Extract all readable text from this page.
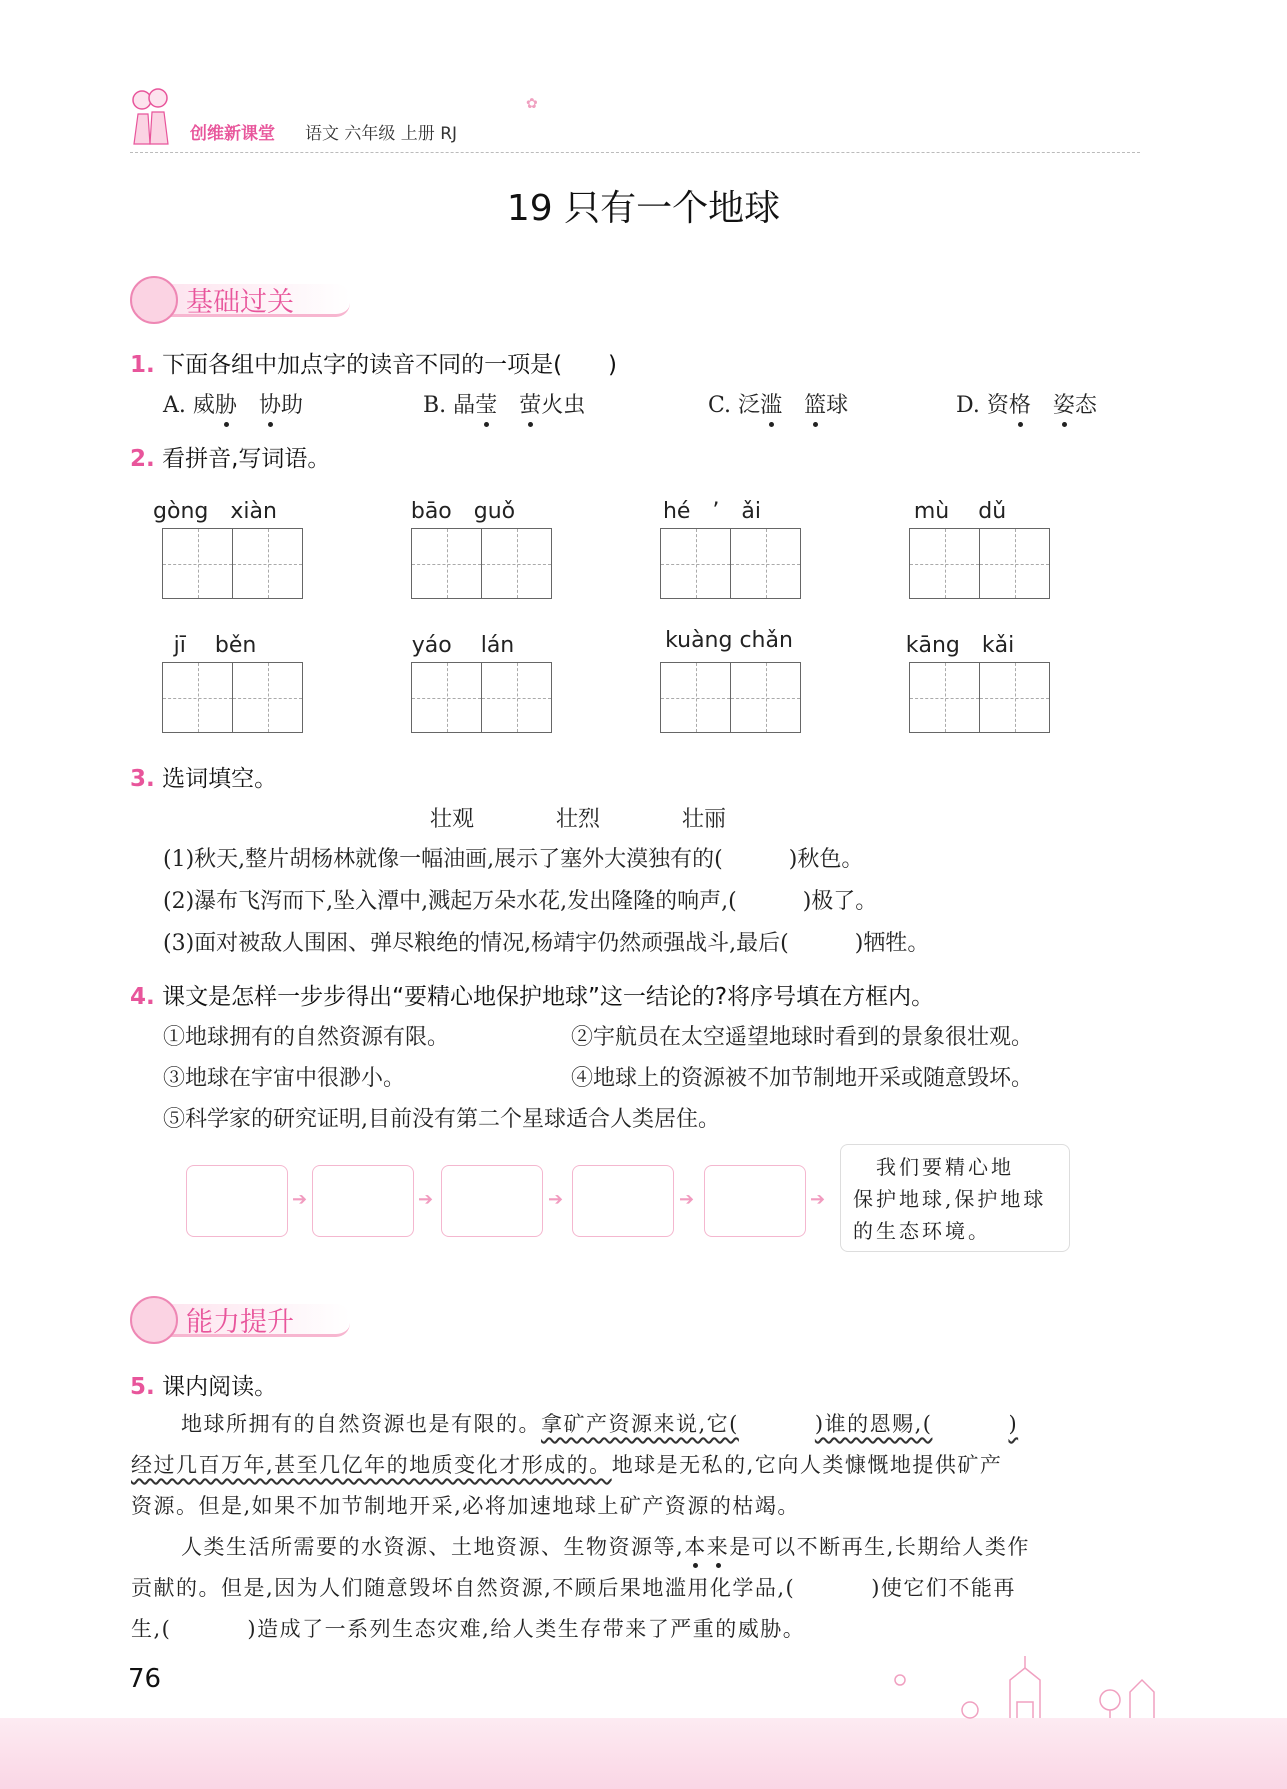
创维新课堂 语文 六年级 上册 RJ
✿
19 只有一个地球
基础过关
1. 下面各组中加点字的读音不同的一项是(　　)
A. 威胁　 协助	B. 晶莹　 萤火虫	C. 泛滥　 篮球	D. 资格　 姿态
2. 看拼音,写词语。
gòng　xiàn	bāo　guǒ	hé　’　ǎi	mù　 dǔ
jī　 běn	yáo　 lán	kuàng chǎn	kāng　kǎi
3. 选词填空。
壮观	壮烈	壮丽
(1)秋天,整片胡杨林就像一幅油画,展示了塞外大漠独有的(　　　)秋色。
(2)瀑布飞泻而下,坠入潭中,溅起万朵水花,发出隆隆的响声,(　　　)极了。
(3)面对被敌人围困、弹尽粮绝的情况,杨靖宇仍然顽强战斗,最后(　　　)牺牲。
4. 课文是怎样一步步得出“要精心地保护地球”这一结论的?将序号填在方框内。
①地球拥有的自然资源有限。	②宇航员在太空遥望地球时看到的景象很壮观。
③地球在宇宙中很渺小。	④地球上的资源被不加节制地开采或随意毁坏。
⑤科学家的研究证明,目前没有第二个星球适合人类居住。
➔	➔	➔	➔	➔
　我们要精心地
保护地球,保护地球
的生态环境。
能力提升
5. 课内阅读。
地球所拥有的自然资源也是有限的。拿矿产资源来说,它(	)谁的恩赐,(	)
经过几百万年,甚至几亿年的地质变化才形成的。地球是无私的,它向人类慷慨地提供矿产
资源。但是,如果不加节制地开采,必将加速地球上矿产资源的枯竭。
人类生活所需要的水资源、土地资源、生物资源等,本来是可以不断再生,长期给人类作
贡献的。但是,因为人们随意毁坏自然资源,不顾后果地滥用化学品,(	)使它们不能再
生,(	)造成了一系列生态灾难,给人类生存带来了严重的威胁。
76
